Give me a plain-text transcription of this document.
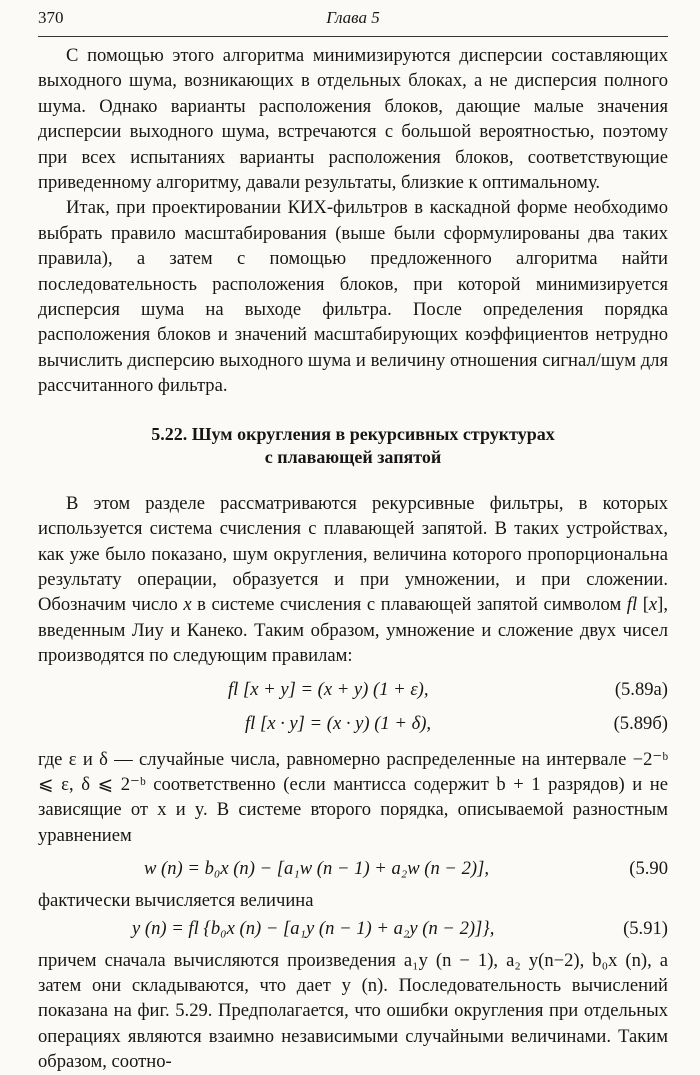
370	Глава 5

С помощью этого алгоритма минимизируются дисперсии составляющих выходного шума, возникающих в отдельных блоках, а не дисперсия полного шума. Однако варианты расположения блоков, дающие малые значения дисперсии выходного шума, встречаются с большой вероятностью, поэтому при всех испытаниях варианты расположения блоков, соответствующие приведенному алгоритму, давали результаты, близкие к оптимальному.

Итак, при проектировании КИХ-фильтров в каскадной форме необходимо выбрать правило масштабирования (выше были сформулированы два таких правила), а затем с помощью предложенного алгоритма найти последовательность расположения блоков, при которой минимизируется дисперсия шума на выходе фильтра. После определения порядка расположения блоков и значений масштабирующих коэффициентов нетрудно вычислить дисперсию выходного шума и величину отношения сигнал/шум для рассчитанного фильтра.

5.22. Шум округления в рекурсивных структурах
с плавающей запятой

В этом разделе рассматриваются рекурсивные фильтры, в которых используется система счисления с плавающей запятой. В таких устройствах, как уже было показано, шум округления, величина которого пропорциональна результату операции, образуется и при умножении, и при сложении. Обозначим число x в системе счисления с плавающей запятой символом fl [x], введенным Лиу и Канеко. Таким образом, умножение и сложение двух чисел производятся по следующим правилам:

fl [x + y] = (x + y) (1 + ε),	(5.89а)
fl [x · y] = (x · y) (1 + δ),	(5.89б)

где ε и δ — случайные числа, равномерно распределенные на интервале −2⁻ᵇ ⩽ ε, δ ⩽ 2⁻ᵇ соответственно (если мантисса содержит b + 1 разрядов) и не зависящие от x и y. В системе второго порядка, описываемой разностным уравнением

w (n) = b₀x (n) − [a₁w (n − 1) + a₂w (n − 2)],	(5.90

фактически вычисляется величина

y (n) = fl {b₀x (n) − [a₁y (n − 1) + a₂y (n − 2)]},	(5.91)

причем сначала вычисляются произведения a₁y (n − 1), a₂ y(n−2), b₀x (n), а затем они складываются, что дает y (n). Последовательность вычислений показана на фиг. 5.29. Предполагается, что ошибки округления при отдельных операциях являются взаимно независимыми случайными величинами. Таким образом, соотно-
